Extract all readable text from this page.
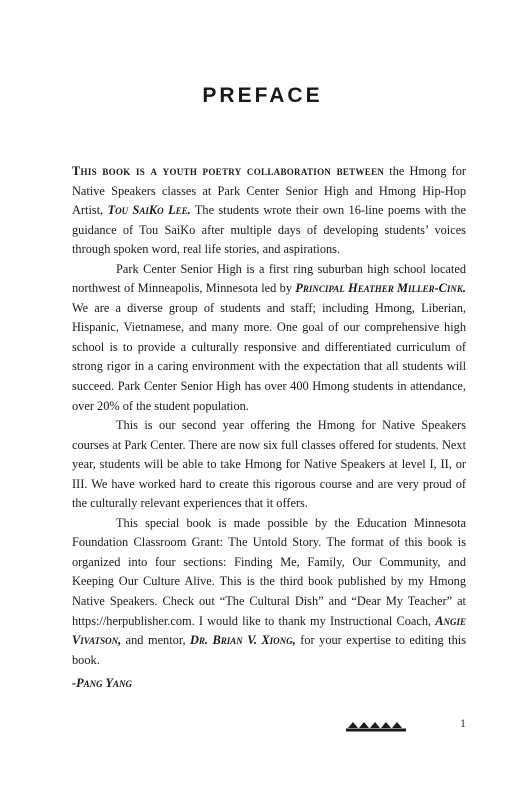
PREFACE

This book is a youth poetry collaboration between the Hmong for Native Speakers classes at Park Center Senior High and Hmong Hip-Hop Artist, Tou SaiKo Lee. The students wrote their own 16-line poems with the guidance of Tou SaiKo after multiple days of developing students’ voices through spoken word, real life stories, and aspirations.

Park Center Senior High is a first ring suburban high school located northwest of Minneapolis, Minnesota led by Principal Heather Miller-Cink. We are a diverse group of students and staff; including Hmong, Liberian, Hispanic, Vietnamese, and many more. One goal of our comprehensive high school is to provide a culturally responsive and differentiated curriculum of strong rigor in a caring environment with the expectation that all students will succeed. Park Center Senior High has over 400 Hmong students in attendance, over 20% of the student population.

This is our second year offering the Hmong for Native Speakers courses at Park Center. There are now six full classes offered for students. Next year, students will be able to take Hmong for Native Speakers at level I, II, or III. We have worked hard to create this rigorous course and are very proud of the culturally relevant experiences that it offers.

This special book is made possible by the Education Minnesota Foundation Classroom Grant: The Untold Story. The format of this book is organized into four sections: Finding Me, Family, Our Community, and Keeping Our Culture Alive. This is the third book published by my Hmong Native Speakers. Check out “The Cultural Dish” and “Dear My Teacher” at https://herpublisher.com. I would like to thank my Instructional Coach, Angie Vivatson, and mentor, Dr. Brian V. Xiong, for your expertise to editing this book.

-Pang Yang
1
